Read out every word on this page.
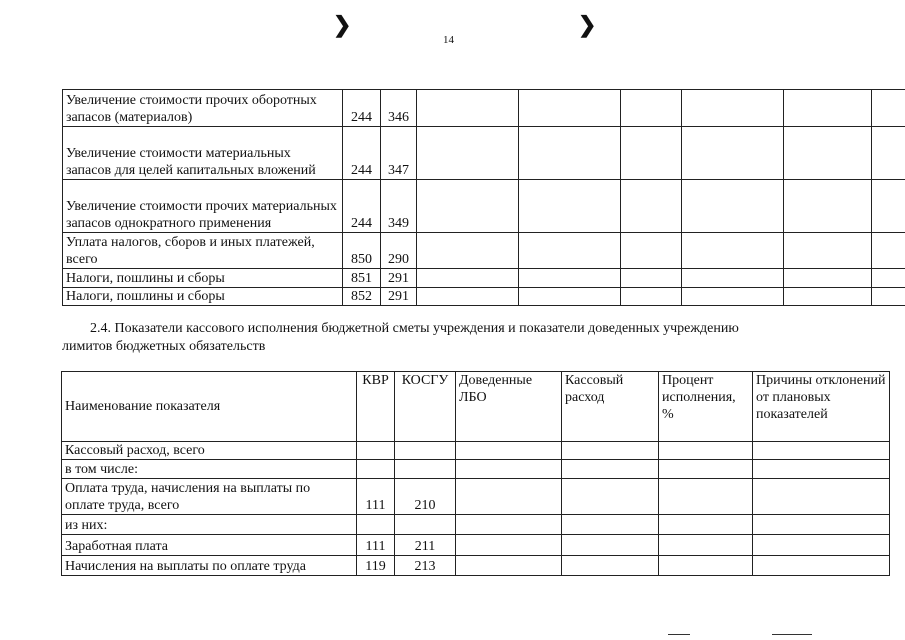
❯	❯
14
Увеличение стоимости прочих оборотных запасов (материалов)	244	346						
Увеличение стоимости материальных запасов для целей капитальных вложений	244	347						
Увеличение стоимости прочих материальных запасов однократного применения	244	349						
Уплата налогов, сборов и иных платежей, всего	850	290						
Налоги, пошлины и сборы	851	291						
Налоги, пошлины и сборы	852	291						
2.4. Показатели кассового исполнения бюджетной сметы учреждения и показатели доведенных учреждению
лимитов бюджетных обязательств
Наименование показателя	КВР	КОСГУ	Доведенные ЛБО	Кассовый расход	Процент исполнения, %	Причины отклонений от плановых показателей
Кассовый расход, всего						
в том числе:						
Оплата труда, начисления на выплаты по оплате труда, всего	111	210				
из них:						
Заработная плата	111	211				
Начисления на выплаты по оплате труда	119	213				
